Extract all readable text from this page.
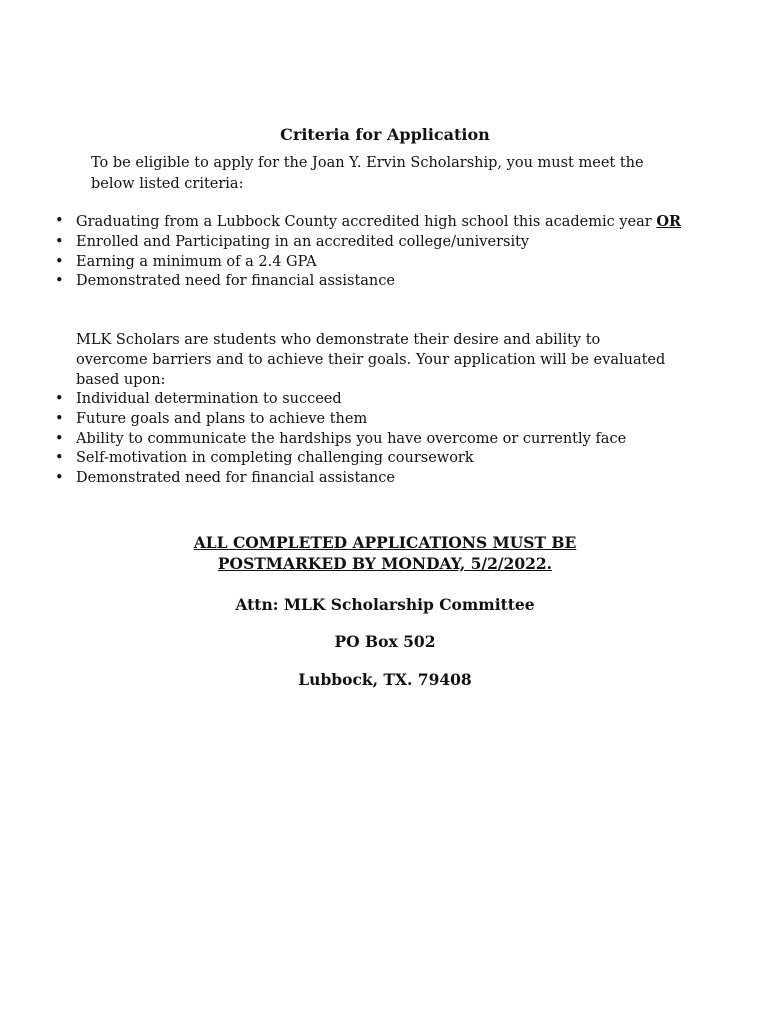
Criteria for Application

To be eligible to apply for the Joan Y. Ervin Scholarship, you must meet the below listed criteria:

• Graduating from a Lubbock County accredited high school this academic year OR
• Enrolled and Participating in an accredited college/university
• Earning a minimum of a 2.4 GPA
• Demonstrated need for financial assistance

MLK Scholars are students who demonstrate their desire and ability to overcome barriers and to achieve their goals. Your application will be evaluated based upon:

• Individual determination to succeed
• Future goals and plans to achieve them
• Ability to communicate the hardships you have overcome or currently face
• Self-motivation in completing challenging coursework
• Demonstrated need for financial assistance
ALL COMPLETED APPLICATIONS MUST BE
POSTMARKED BY MONDAY, 5/2/2022.

Attn: MLK Scholarship Committee

PO Box 502

Lubbock, TX. 79408
